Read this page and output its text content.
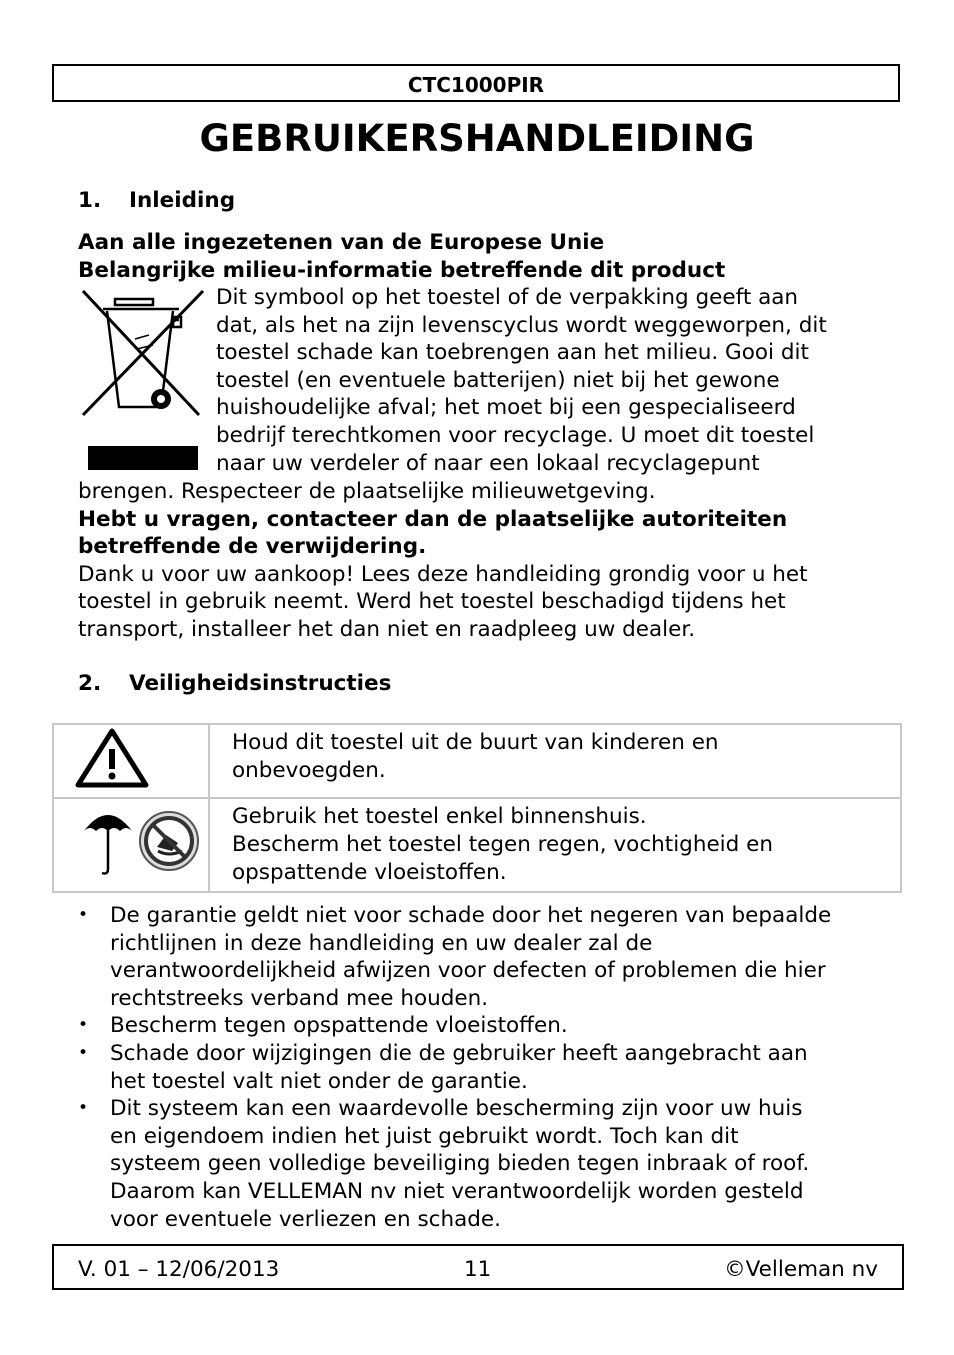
CTC1000PIR
GEBRUIKERSHANDLEIDING
1. Inleiding
Aan alle ingezetenen van de Europese Unie
Belangrijke milieu-informatie betreffende dit product
Dit symbool op het toestel of de verpakking geeft aan
dat, als het na zijn levenscyclus wordt weggeworpen, dit
toestel schade kan toebrengen aan het milieu. Gooi dit
toestel (en eventuele batterijen) niet bij het gewone
huishoudelijke afval; het moet bij een gespecialiseerd
bedrijf terechtkomen voor recyclage. U moet dit toestel
naar uw verdeler of naar een lokaal recyclagepunt
brengen. Respecteer de plaatselijke milieuwetgeving.
Hebt u vragen, contacteer dan de plaatselijke autoriteiten
betreffende de verwijdering.
Dank u voor uw aankoop! Lees deze handleiding grondig voor u het
toestel in gebruik neemt. Werd het toestel beschadigd tijdens het
transport, installeer het dan niet en raadpleeg uw dealer.
2. Veiligheidsinstructies

Houd dit toestel uit de buurt van kinderen en
onbevoegden.

Gebruik het toestel enkel binnenshuis.
Bescherm het toestel tegen regen, vochtigheid en
opspattende vloeistoffen.
• De garantie geldt niet voor schade door het negeren van bepaalde
richtlijnen in deze handleiding en uw dealer zal de
verantwoordelijkheid afwijzen voor defecten of problemen die hier
rechtstreeks verband mee houden.
• Bescherm tegen opspattende vloeistoffen.
• Schade door wijzigingen die de gebruiker heeft aangebracht aan
het toestel valt niet onder de garantie.
• Dit systeem kan een waardevolle bescherming zijn voor uw huis
en eigendoem indien het juist gebruikt wordt. Toch kan dit
systeem geen volledige beveiliging bieden tegen inbraak of roof.
Daarom kan VELLEMAN nv niet verantwoordelijk worden gesteld
voor eventuele verliezen en schade.
V. 01 – 12/06/2013	11	©Velleman nv
